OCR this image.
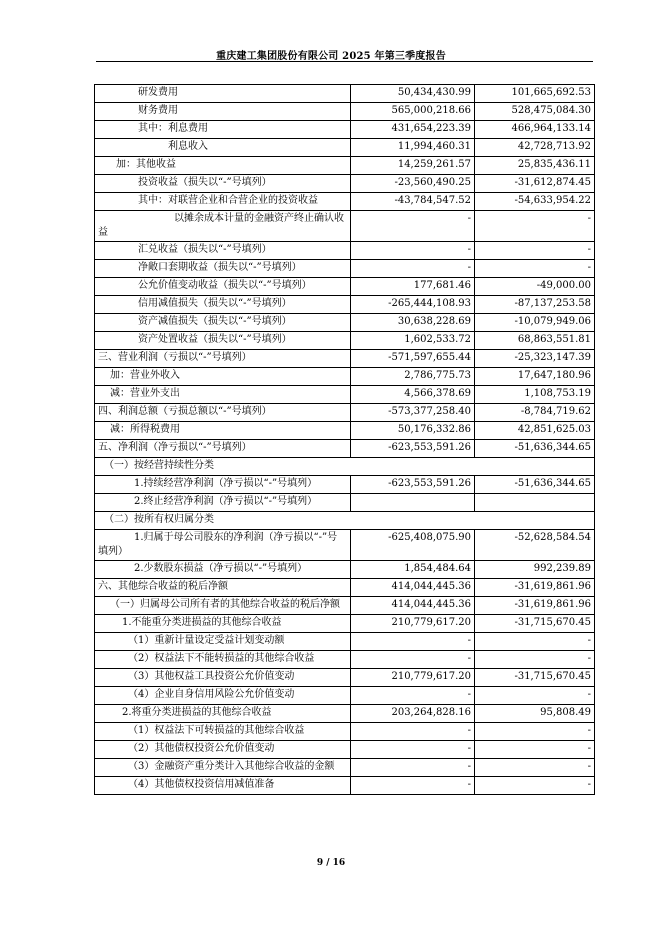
重庆建工集团股份有限公司 2025 年第三季度报告
研发费用	50,434,430.99	101,665,692.53
财务费用	565,000,218.66	528,475,084.30
其中：利息费用	431,654,223.39	466,964,133.14
利息收入	11,994,460.31	42,728,713.92
加：其他收益	14,259,261.57	25,835,436.11
投资收益（损失以“-”号填列）	-23,560,490.25	-31,612,874.45
其中：对联营企业和合营企业的投资收益	-43,784,547.52	-54,633,954.22
以摊余成本计量的金融资产终止确认收益	-	-
汇兑收益（损失以“-”号填列）	-	-
净敞口套期收益（损失以“-”号填列）	-	-
公允价值变动收益（损失以“-”号填列）	177,681.46	-49,000.00
信用减值损失（损失以“-”号填列）	-265,444,108.93	-87,137,253.58
资产减值损失（损失以“-”号填列）	30,638,228.69	-10,079,949.06
资产处置收益（损失以“-”号填列）	1,602,533.72	68,863,551.81
三、营业利润（亏损以“-”号填列）	-571,597,655.44	-25,323,147.39
加：营业外收入	2,786,775.73	17,647,180.96
减：营业外支出	4,566,378.69	1,108,753.19
四、利润总额（亏损总额以“-”号填列）	-573,377,258.40	-8,784,719.62
减：所得税费用	50,176,332.86	42,851,625.03
五、净利润（净亏损以“-”号填列）	-623,553,591.26	-51,636,344.65
（一）按经营持续性分类		
1.持续经营净利润（净亏损以“-”号填列）	-623,553,591.26	-51,636,344.65
2.终止经营净利润（净亏损以“-”号填列）		
（二）按所有权归属分类		
1.归属于母公司股东的净利润（净亏损以“-”号填列）	-625,408,075.90	-52,628,584.54
2.少数股东损益（净亏损以“-”号填列）	1,854,484.64	992,239.89
六、其他综合收益的税后净额	414,044,445.36	-31,619,861.96
（一）归属母公司所有者的其他综合收益的税后净额	414,044,445.36	-31,619,861.96
1.不能重分类进损益的其他综合收益	210,779,617.20	-31,715,670.45
（1）重新计量设定受益计划变动额	-	-
（2）权益法下不能转损益的其他综合收益	-	-
（3）其他权益工具投资公允价值变动	210,779,617.20	-31,715,670.45
（4）企业自身信用风险公允价值变动	-	-
2.将重分类进损益的其他综合收益	203,264,828.16	95,808.49
（1）权益法下可转损益的其他综合收益	-	-
（2）其他债权投资公允价值变动	-	-
（3）金融资产重分类计入其他综合收益的金额	-	-
（4）其他债权投资信用减值准备	-	-
9 / 16
